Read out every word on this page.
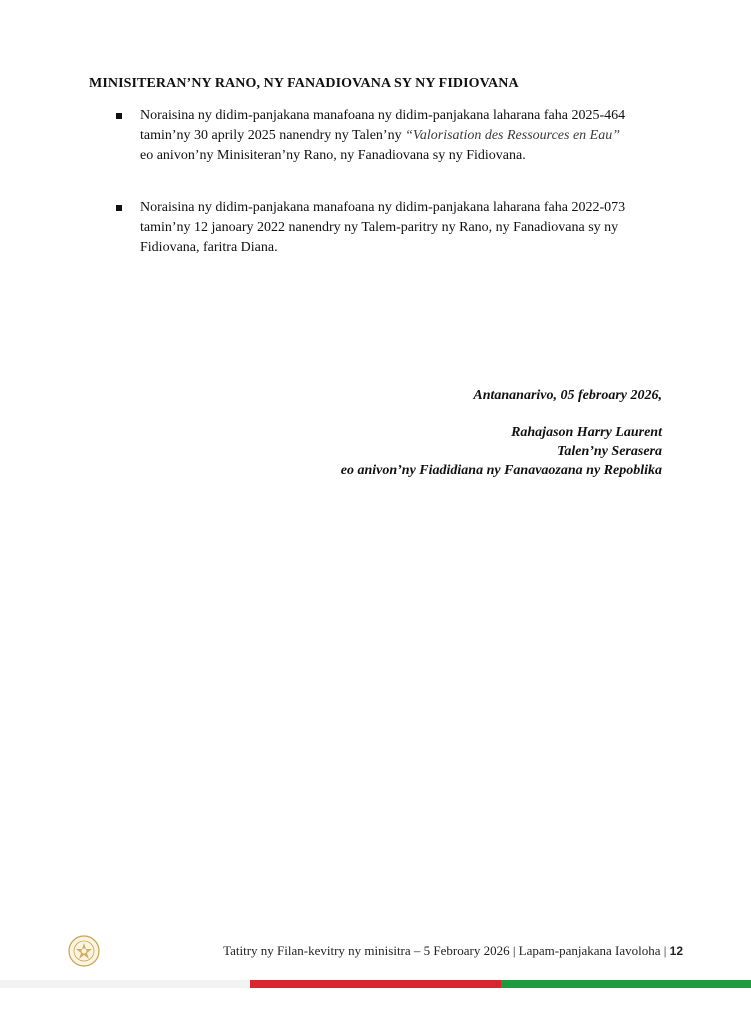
MINISITERAN’NY RANO, NY FANADIOVANA SY NY FIDIOVANA
Noraisina ny didim-panjakana manafoana ny didim-panjakana laharana faha 2025-464
tamin’ny 30 aprily 2025 nanendry ny Talen’ny “Valorisation des Ressources en Eau”
eo anivon’ny Minisiteran’ny Rano, ny Fanadiovana sy ny Fidiovana.
Noraisina ny didim-panjakana manafoana ny didim-panjakana laharana faha 2022-073
tamin’ny 12 janoary 2022 nanendry ny Talem-paritry ny Rano, ny Fanadiovana sy ny
Fidiovana, faritra Diana.
Antananarivo, 05 febroary 2026,
Rahajason Harry Laurent
Talen’ny Serasera
eo anivon’ny Fiadidiana ny Fanavaozana ny Repoblika
Tatitry ny Filan-kevitry ny minisitra – 5 Febroary 2026 | Lapam-panjakana Iavoloha | 12
